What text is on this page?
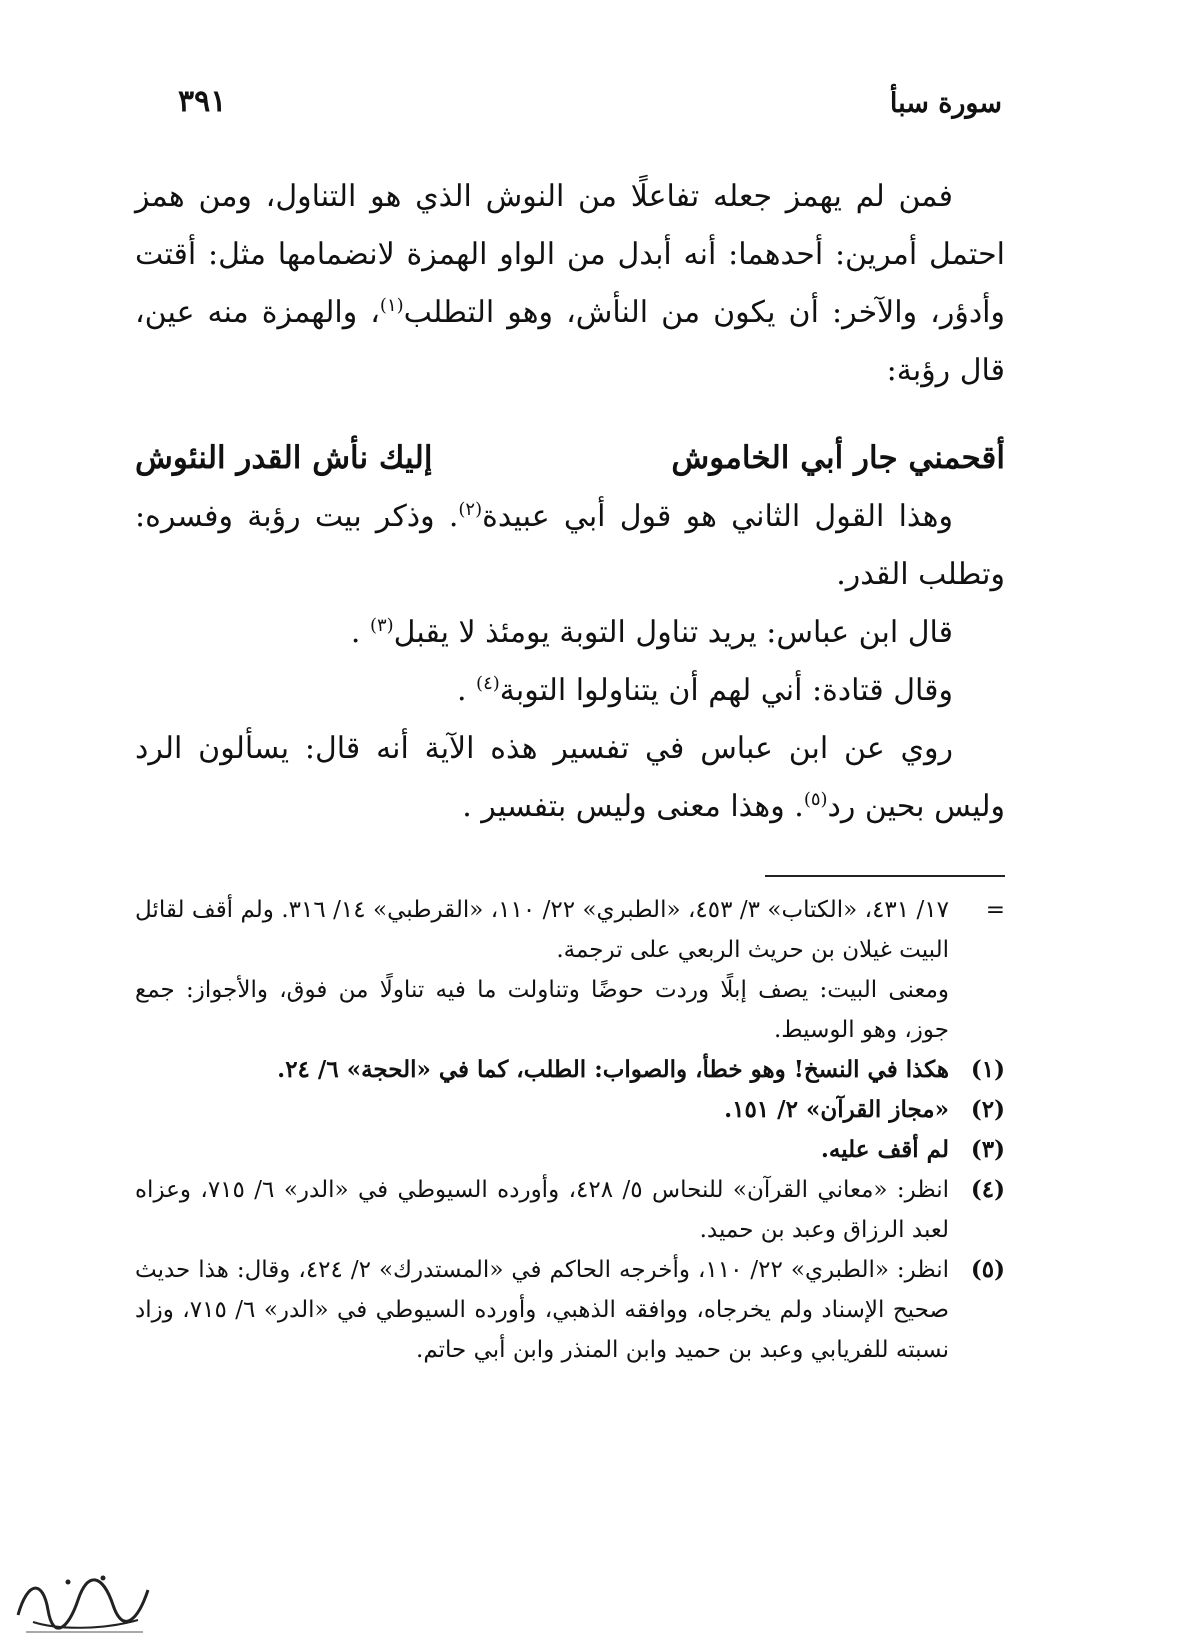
سورة سبأ
٣٩١

فمن لم يهمز جعله تفاعلًا من النوش الذي هو التناول، ومن همز احتمل أمرين: أحدهما: أنه أبدل من الواو الهمزة لانضمامها مثل: أقتت وأدؤر، والآخر: أن يكون من النأش، وهو التطلب$^{(١)}$، والهمزة منه عين، قال رؤبة:

أقحمني جار أبي الخاموش
إليك نأش القدر النئوش

وهذا القول الثاني هو قول أبي عبيدة$^{(٢)}$. وذكر بيت رؤبة وفسره: وتطلب القدر.

قال ابن عباس: يريد تناول التوبة يومئذ لا يقبل$^{(٣)}$ .

وقال قتادة: أني لهم أن يتناولوا التوبة$^{(٤)}$ .

روي عن ابن عباس في تفسير هذه الآية أنه قال: يسألون الرد وليس بحين رد$^{(٥)}$. وهذا معنى وليس بتفسير .

=
١٧/ ٤٣١، «الكتاب» ٣/ ٤٥٣، «الطبري» ٢٢/ ١١٠، «القرطبي» ١٤/ ٣١٦. ولم أقف لقائل البيت غيلان بن حريث الربعي على ترجمة.
ومعنى البيت: يصف إبلًا وردت حوضًا وتناولت ما فيه تناولًا من فوق، والأجواز: جمع جوز، وهو الوسيط.
(١)
هكذا في النسخ! وهو خطأ، والصواب: الطلب، كما في «الحجة» ٦/ ٢٤.
(٢)
«مجاز القرآن» ٢/ ١٥١.
(٣)
لم أقف عليه.
(٤)
انظر: «معاني القرآن» للنحاس ٥/ ٤٢٨، وأورده السيوطي في «الدر» ٦/ ٧١٥، وعزاه لعبد الرزاق وعبد بن حميد.
(٥)
انظر: «الطبري» ٢٢/ ١١٠، وأخرجه الحاكم في «المستدرك» ٢/ ٤٢٤، وقال: هذا حديث صحيح الإسناد ولم يخرجاه، ووافقه الذهبي، وأورده السيوطي في «الدر» ٦/ ٧١٥، وزاد نسبته للفريابي وعبد بن حميد وابن المنذر وابن أبي حاتم.
